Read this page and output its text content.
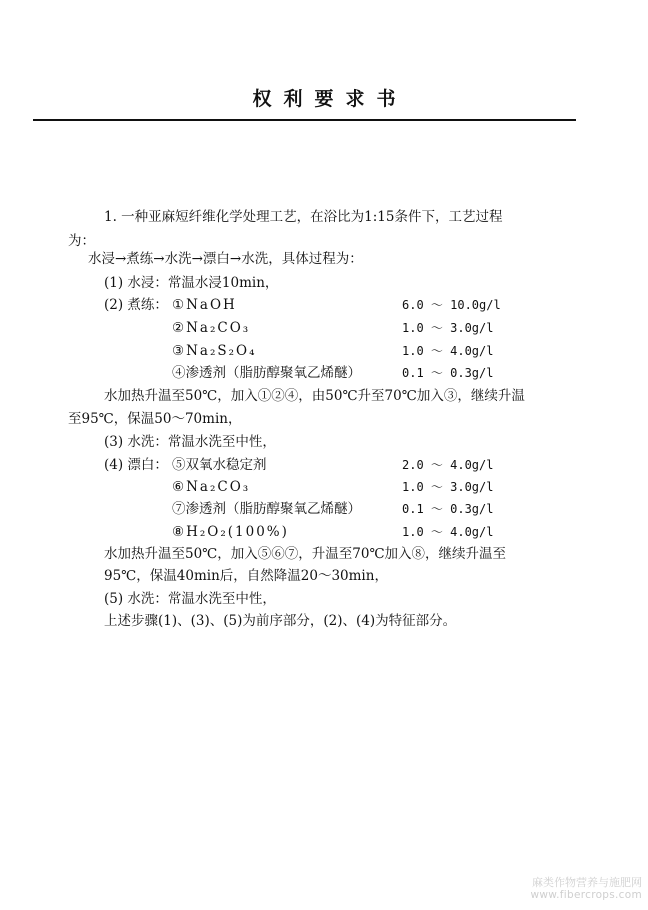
权利要求书
1. 一种亚麻短纤维化学处理工艺，在浴比为1:15条件下，工艺过程
为：
水浸→煮练→水洗→漂白→水洗，具体过程为：
(1) 水浸：常温水浸10min，
(2) 煮练： ①NaOH	6.0 ～ 10.0g/l
②Na₂CO₃	1.0 ～ 3.0g/l
③Na₂S₂O₄	1.0 ～ 4.0g/l
④渗透剂（脂肪醇聚氧乙烯醚）	0.1 ～ 0.3g/l
水加热升温至50℃，加入①②④，由50℃升至70℃加入③，继续升温
至95℃，保温50～70min，
(3) 水洗：常温水洗至中性，
(4) 漂白： ⑤双氧水稳定剂	2.0 ～ 4.0g/l
⑥Na₂CO₃	1.0 ～ 3.0g/l
⑦渗透剂（脂肪醇聚氧乙烯醚）	0.1 ～ 0.3g/l
⑧H₂O₂(100%)	1.0 ～ 4.0g/l
水加热升温至50℃，加入⑤⑥⑦，升温至70℃加入⑧，继续升温至
95℃，保温40min后，自然降温20～30min，
(5) 水洗：常温水洗至中性，
上述步骤(1)、(3)、(5)为前序部分，(2)、(4)为特征部分。
麻类作物营养与施肥网
www.fibercrops.com
